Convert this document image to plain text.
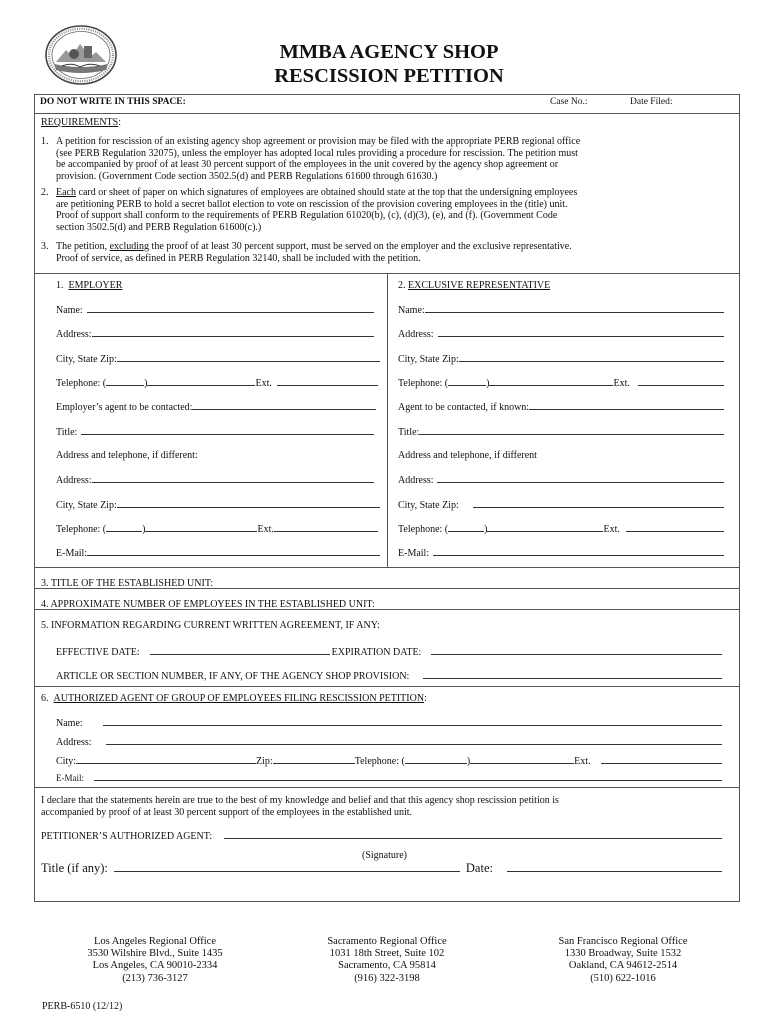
MMBA AGENCY SHOP
RESCISSION PETITION
DO NOT WRITE IN THIS SPACE:	Case No.:	Date Filed:
REQUIREMENTS:
1. A petition for rescission of an existing agency shop agreement or provision may be filed with the appropriate PERB regional office
(see PERB Regulation 32075), unless the employer has adopted local rules providing a procedure for rescission. The petition must
be accompanied by proof of at least 30 percent support of the employees in the unit covered by the agency shop agreement or
provision. (Government Code section 3502.5(d) and PERB Regulations 61600 through 61630.)
2. Each card or sheet of paper on which signatures of employees are obtained should state at the top that the undersigning employees
are petitioning PERB to hold a secret ballot election to vote on rescission of the provision covering employees in the (title) unit.
Proof of support shall conform to the requirements of PERB Regulation 61020(b), (c), (d)(3), (e), and (f). (Government Code
section 3502.5(d) and PERB Regulation 61600(c).)
3. The petition, excluding the proof of at least 30 percent support, must be served on the employer and the exclusive representative.
Proof of service, as defined in PERB Regulation 32140, shall be included with the petition.
1. EMPLOYER
Name:
Address:
City, State Zip:
Telephone: (	)	Ext.
Employer’s agent to be contacted:
Title:
Address and telephone, if different:
Address:
City, State Zip:
Telephone: (	)	Ext.
E-Mail:
2. EXCLUSIVE REPRESENTATIVE
Name:
Address:
City, State Zip:
Telephone: (	)	Ext.
Agent to be contacted, if known:
Title:
Address and telephone, if different
Address:
City, State Zip:
Telephone: (	)	Ext.
E-Mail:
3. TITLE OF THE ESTABLISHED UNIT:
4. APPROXIMATE NUMBER OF EMPLOYEES IN THE ESTABLISHED UNIT:
5. INFORMATION REGARDING CURRENT WRITTEN AGREEMENT, IF ANY:
EFFECTIVE DATE:	EXPIRATION DATE:
ARTICLE OR SECTION NUMBER, IF ANY, OF THE AGENCY SHOP PROVISION:
6. AUTHORIZED AGENT OF GROUP OF EMPLOYEES FILING RESCISSION PETITION:
Name:
Address:
City:	Zip:	Telephone: (	)	Ext.
E-Mail:
I declare that the statements herein are true to the best of my knowledge and belief and that this agency shop rescission petition is
accompanied by proof of at least 30 percent support of the employees in the established unit.
PETITIONER’S AUTHORIZED AGENT:
(Signature)
Title (if any):	Date:
Los Angeles Regional Office
3530 Wilshire Blvd., Suite 1435
Los Angeles, CA 90010-2334
(213) 736-3127
Sacramento Regional Office
1031 18th Street, Suite 102
Sacramento, CA 95814
(916) 322-3198
San Francisco Regional Office
1330 Broadway, Suite 1532
Oakland, CA 94612-2514
(510) 622-1016
PERB-6510 (12/12)
